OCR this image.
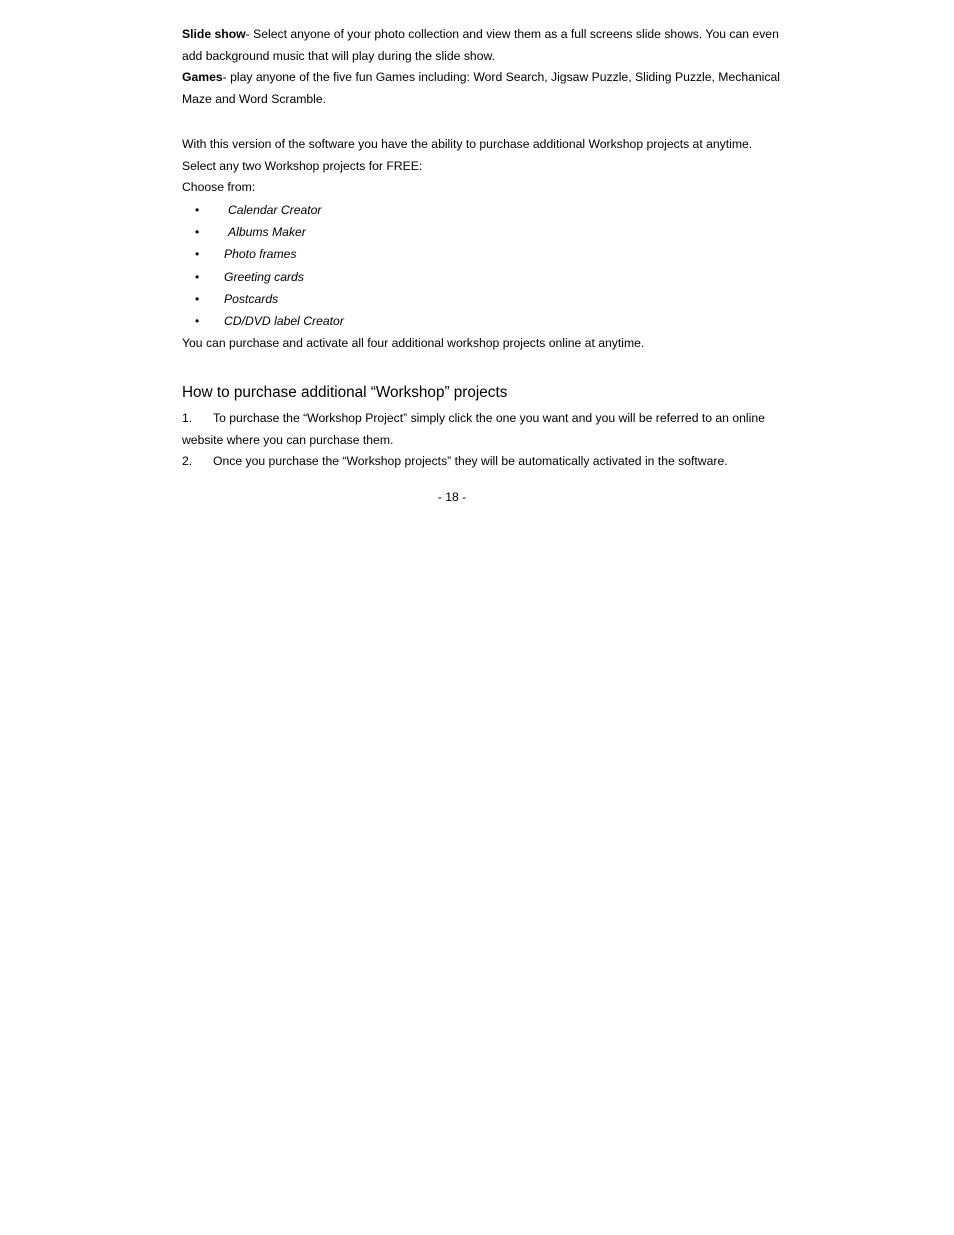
Slide show- Select anyone of your photo collection and view them as a full screens slide shows. You can even add background music that will play during the slide show.

Games- play anyone of the five fun Games including: Word Search, Jigsaw Puzzle, Sliding Puzzle, Mechanical Maze and Word Scramble.

With this version of the software you have the ability to purchase additional Workshop projects at anytime.

Select any two Workshop projects for FREE:

Choose from:

• Calendar Creator
• Albums Maker
• Photo frames
• Greeting cards
• Postcards
• CD/DVD label Creator

You can purchase and activate all four additional workshop projects online at anytime.

How to purchase additional “Workshop” projects
1. To purchase the “Workshop Project” simply click the one you want and you will be referred to an online website where you can purchase them.
2. Once you purchase the “Workshop projects” they will be automatically activated in the software.
- 18 -
